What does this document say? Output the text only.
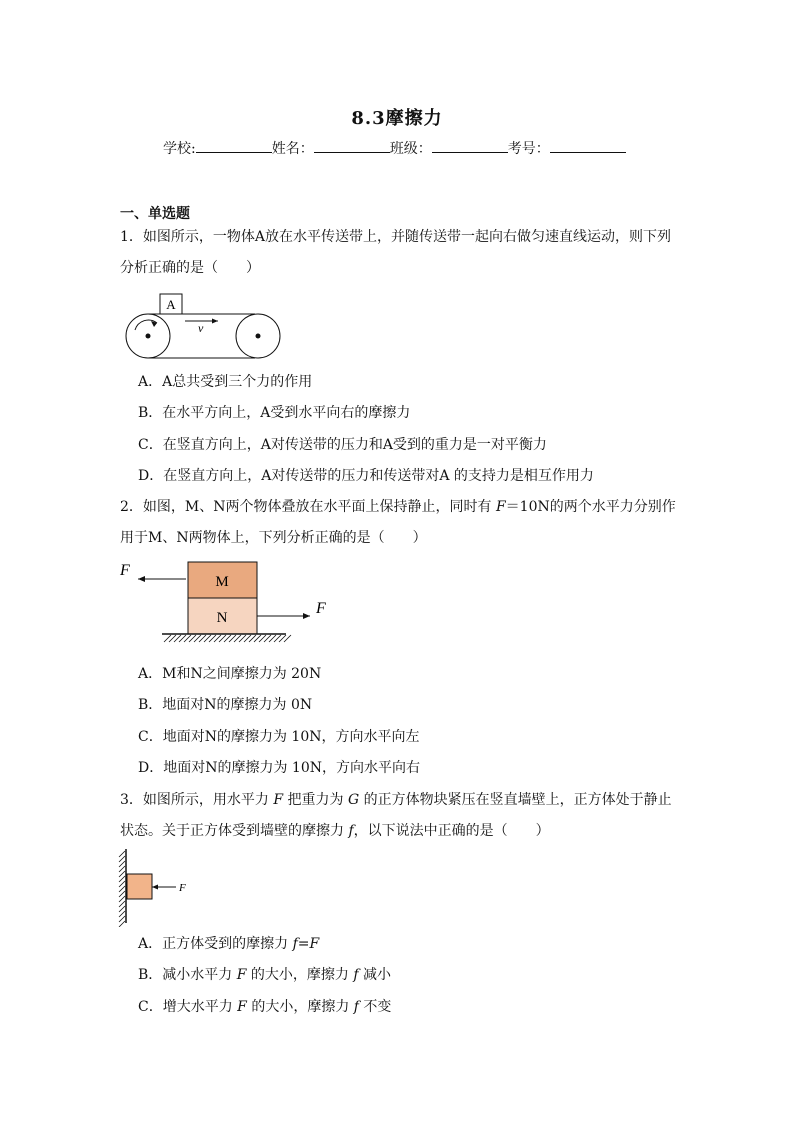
8.3摩擦力
学校:	姓名：	班级：	考号：
一、单选题
1．如图所示，一物体A放在水平传送带上，并随传送带一起向右做匀速直线运动，则下列分析正确的是（　　）
A
v
A．A总共受到三个力的作用
B．在水平方向上，A受到水平向右的摩擦力
C．在竖直方向上，A对传送带的压力和A受到的重力是一对平衡力
D．在竖直方向上，A对传送带的压力和传送带对A 的支持力是相互作用力
2．如图，M、N两个物体叠放在水平面上保持静止，同时有 F＝10N的两个水平力分别作用于M、N两物体上，下列分析正确的是（　　）
F
M
N
F
A．M和N之间摩擦力为 20N
B．地面对N的摩擦力为 0N
C．地面对N的摩擦力为 10N，方向水平向左
D．地面对N的摩擦力为 10N，方向水平向右
3．如图所示，用水平力 F 把重力为 G 的正方体物块紧压在竖直墙壁上，正方体处于静止状态。关于正方体受到墙壁的摩擦力 f，以下说法中正确的是（　　）
F
A．正方体受到的摩擦力 f=F
B．减小水平力 F 的大小，摩擦力 f 减小
C．增大水平力 F 的大小，摩擦力 f 不变
